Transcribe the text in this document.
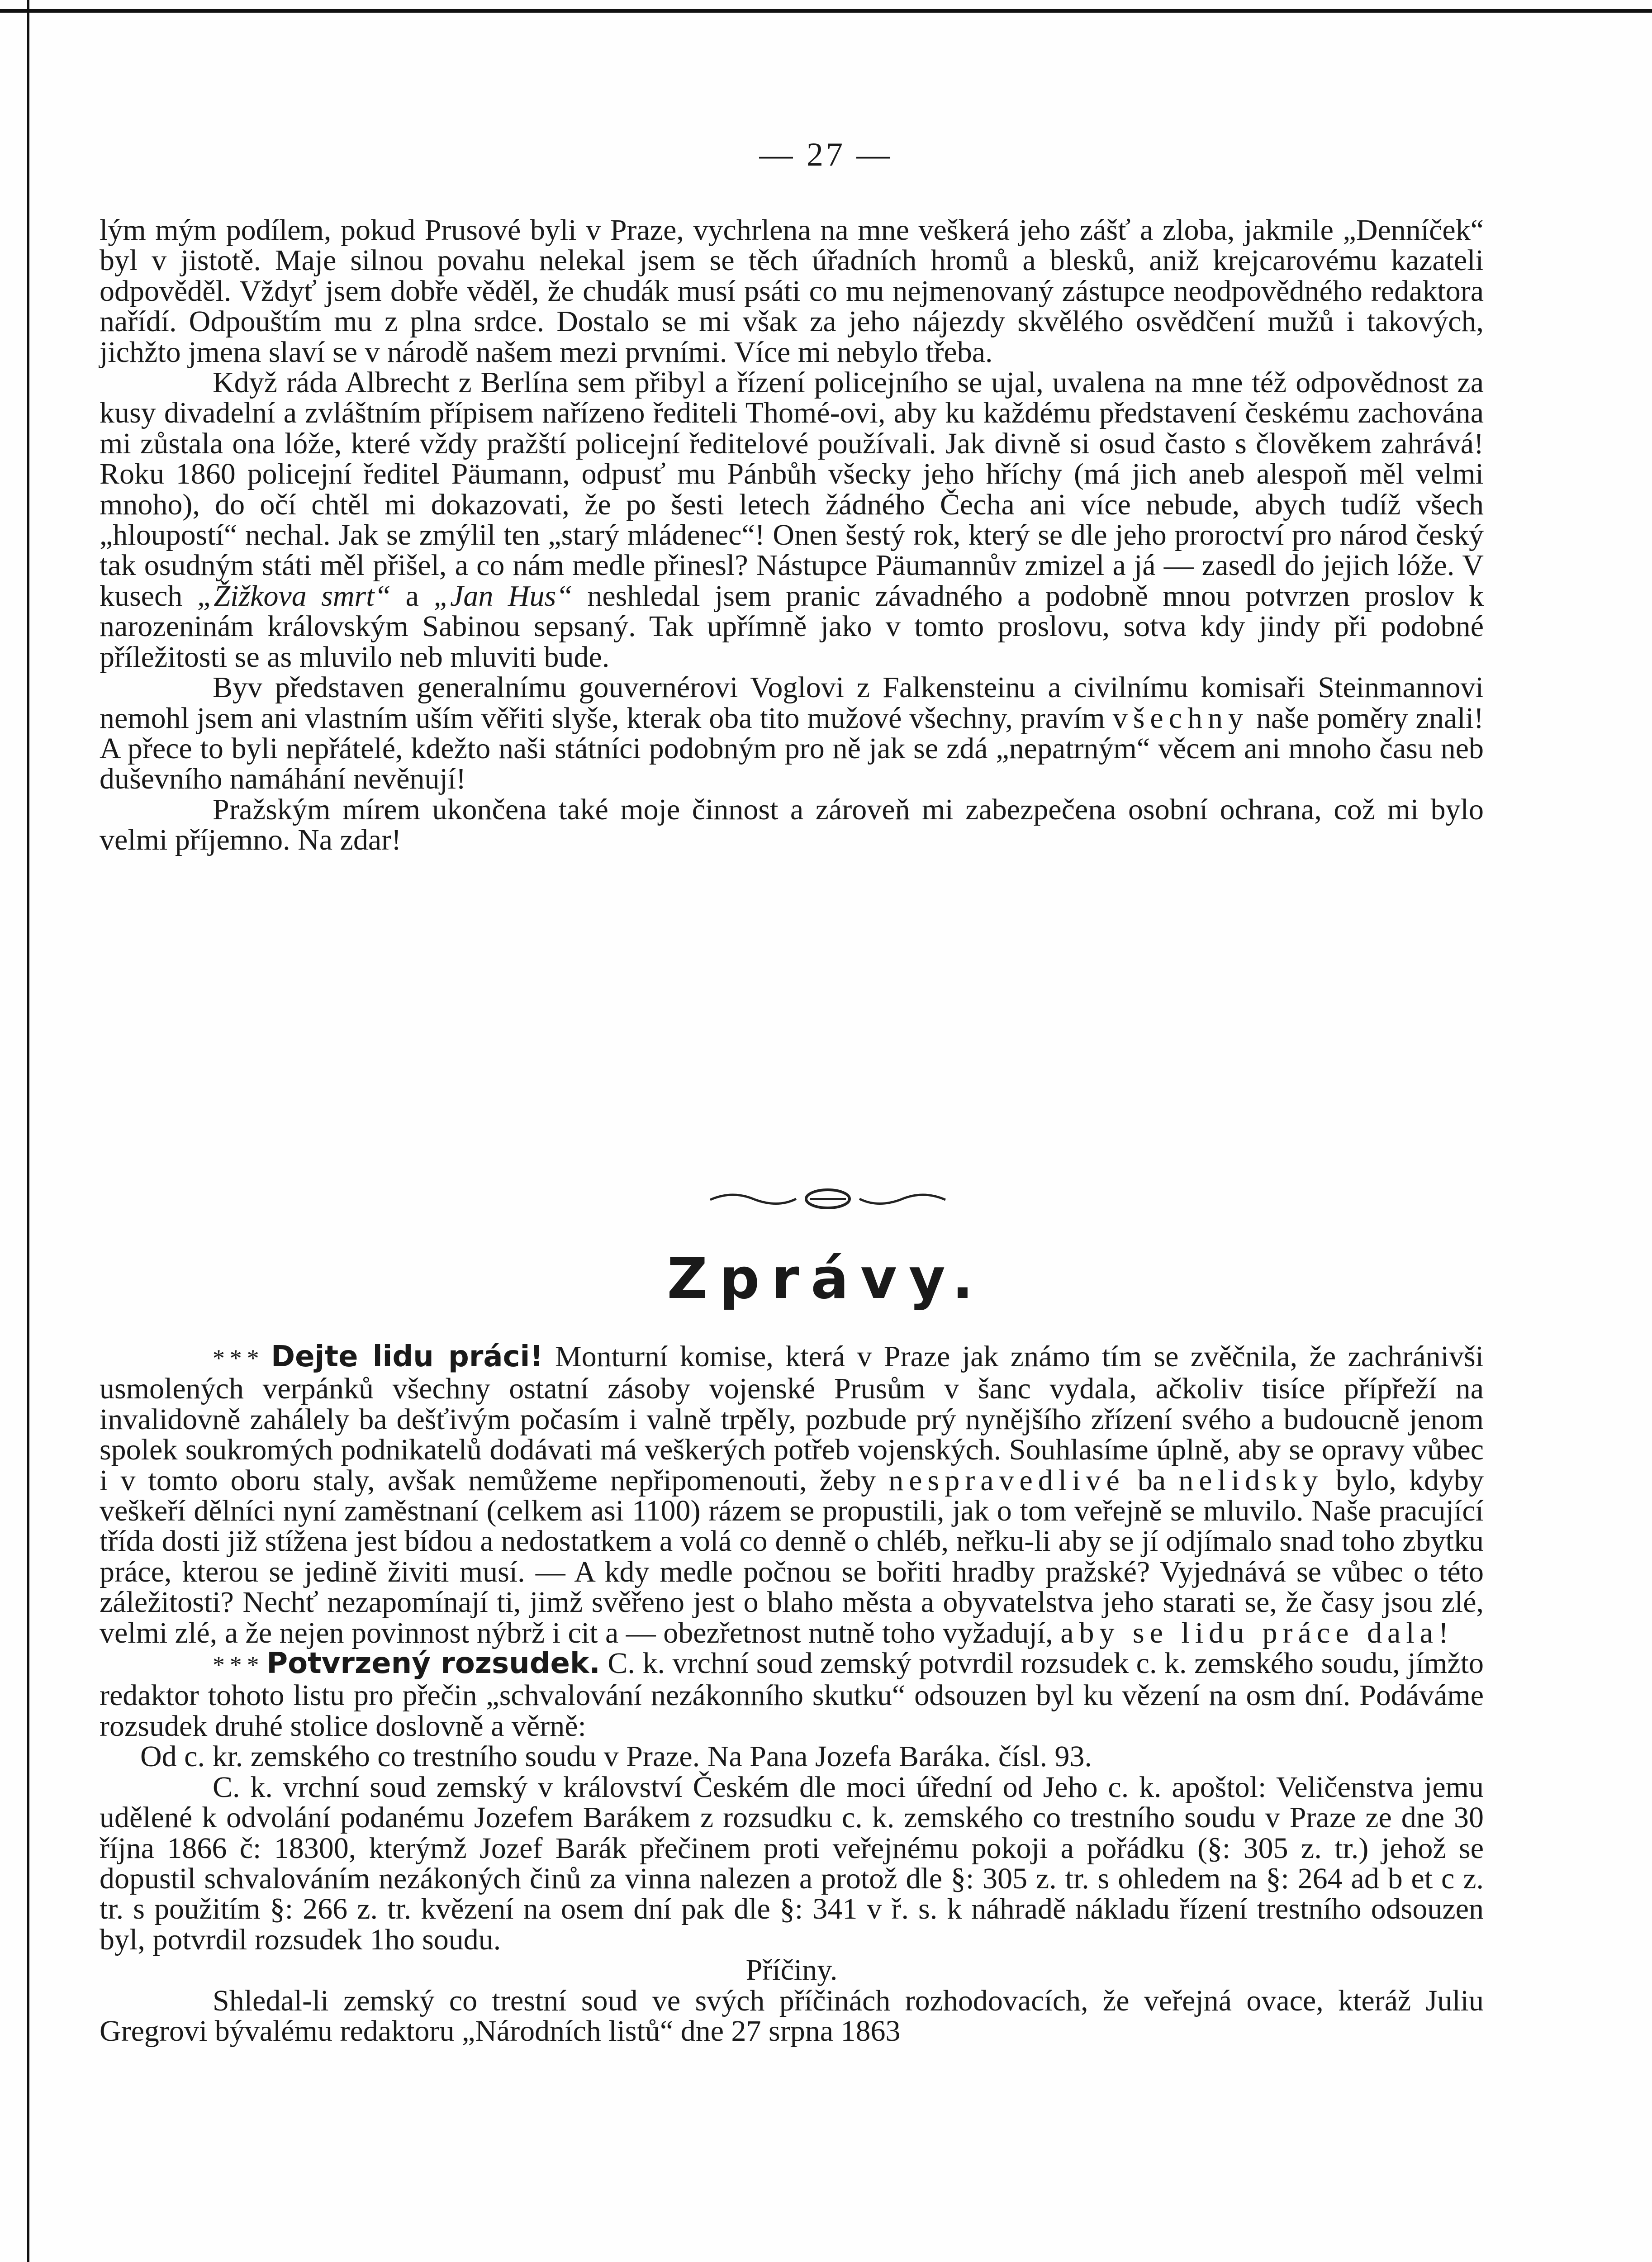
— 27 —

lým mým podílem, pokud Prusové byli v Praze, vychrlena na mne veškerá jeho zášť a zloba, jakmile „Denníček“ byl v jistotě. Maje silnou povahu nelekal jsem se těch úřadních hromů a blesků, aniž krejcarovému kazateli odpověděl. Vždyť jsem dobře věděl, že chudák musí psáti co mu nejmenovaný zástupce neodpovědného redaktora nařídí. Odpouštím mu z plna srdce. Dostalo se mi však za jeho nájezdy skvělého osvědčení mužů i takových, jichžto jmena slaví se v národě našem mezi prvními. Více mi nebylo třeba.

Když ráda Albrecht z Berlína sem přibyl a řízení policejního se ujal, uvalena na mne též odpovědnost za kusy divadelní a zvláštním přípisem nařízeno řediteli Thomé-ovi, aby ku každému představení českému zachována mi zůstala ona lóže, které vždy pražští policejní ředitelové používali. Jak divně si osud často s člověkem zahrává! Roku 1860 policejní ředitel Päumann, odpusť mu Pánbůh všecky jeho hříchy (má jich aneb alespoň měl velmi mnoho), do očí chtěl mi dokazovati, že po šesti letech žádného Čecha ani více nebude, abych tudíž všech „hloupostí“ nechal. Jak se zmýlil ten „starý mládenec“! Onen šestý rok, který se dle jeho proroctví pro národ český tak osudným státi měl přišel, a co nám medle přinesl? Nástupce Päumannův zmizel a já — zasedl do jejich lóže. V kusech „Žižkova smrt“ a „Jan Hus“ neshledal jsem pranic závadného a podobně mnou potvrzen proslov k narozeninám královským Sabinou sepsaný. Tak upřímně jako v tomto proslovu, sotva kdy jindy při podobné příležitosti se as mluvilo neb mluviti bude.

Byv představen generalnímu gouvernérovi Voglovi z Falkensteinu a civilnímu komisaři Steinmannovi nemohl jsem ani vlastním uším věřiti slyše, kterak oba tito mužové všechny, pravím všechny naše poměry znali! A přece to byli nepřátelé, kdežto naši státníci podobným pro ně jak se zdá „nepatrným“ věcem ani mnoho času neb duševního namáhání nevěnují!

Pražským mírem ukončena také moje činnost a zároveň mi zabezpečena osobní ochrana, což mi bylo velmi příjemno. Na zdar!

Zprávy.

* * * Dejte lidu práci! Monturní komise, která v Praze jak známo tím se zvěčnila, že zachránivši usmolených verpánků všechny ostatní zásoby vojenské Prusům v šanc vydala, ačkoliv tisíce přípřeží na invalidovně zahálely ba dešťivým počasím i valně trpěly, pozbude prý nynějšího zřízení svého a budoucně jenom spolek soukromých podnikatelů dodávati má veškerých potřeb vojenských. Souhlasíme úplně, aby se opravy vůbec i v tomto oboru staly, avšak nemůžeme nepřipomenouti, žeby nespravedlivé ba nelidsky bylo, kdyby veškeří dělníci nyní zaměstnaní (celkem asi 1100) rázem se propustili, jak o tom veřejně se mluvilo. Naše pracující třída dosti již stížena jest bídou a nedostatkem a volá co denně o chléb, neřku-li aby se jí odjímalo snad toho zbytku práce, kterou se jedině živiti musí. — A kdy medle počnou se bořiti hradby pražské? Vyjednává se vůbec o této záležitosti? Nechť nezapomínají ti, jimž svěřeno jest o blaho města a obyvatelstva jeho starati se, že časy jsou zlé, velmi zlé, a že nejen povinnost nýbrž i cit a — obezřetnost nutně toho vyžadují, aby se lidu práce dala!

* * * Potvrzený rozsudek. C. k. vrchní soud zemský potvrdil rozsudek c. k. zemského soudu, jímžto redaktor tohoto listu pro přečin „schvalování nezákonního skutku“ odsouzen byl ku vězení na osm dní. Podáváme rozsudek druhé stolice doslovně a věrně:

Od c. kr. zemského co trestního soudu v Praze. Na Pana Jozefa Baráka. čísl. 93.

C. k. vrchní soud zemský v království Českém dle moci úřední od Jeho c. k. apoštol: Veličenstva jemu udělené k odvolání podanému Jozefem Barákem z rozsudku c. k. zemského co trestního soudu v Praze ze dne 30 října 1866 č: 18300, kterýmž Jozef Barák přečinem proti veřejnému pokoji a pořádku (§: 305 z. tr.) jehož se dopustil schvalováním nezákoných činů za vinna nalezen a protož dle §: 305 z. tr. s ohledem na §: 264 ad b et c z. tr. s použitím §: 266 z. tr. kvězení na osem dní pak dle §: 341 v ř. s. k náhradě nákladu řízení trestního odsouzen byl, potvrdil rozsudek 1ho soudu.

Příčiny.

Shledal-li zemský co trestní soud ve svých příčinách rozhodovacích, že veřejná ovace, kteráž Juliu Gregrovi bývalému redaktoru „Národních listů“ dne 27 srpna 1863
